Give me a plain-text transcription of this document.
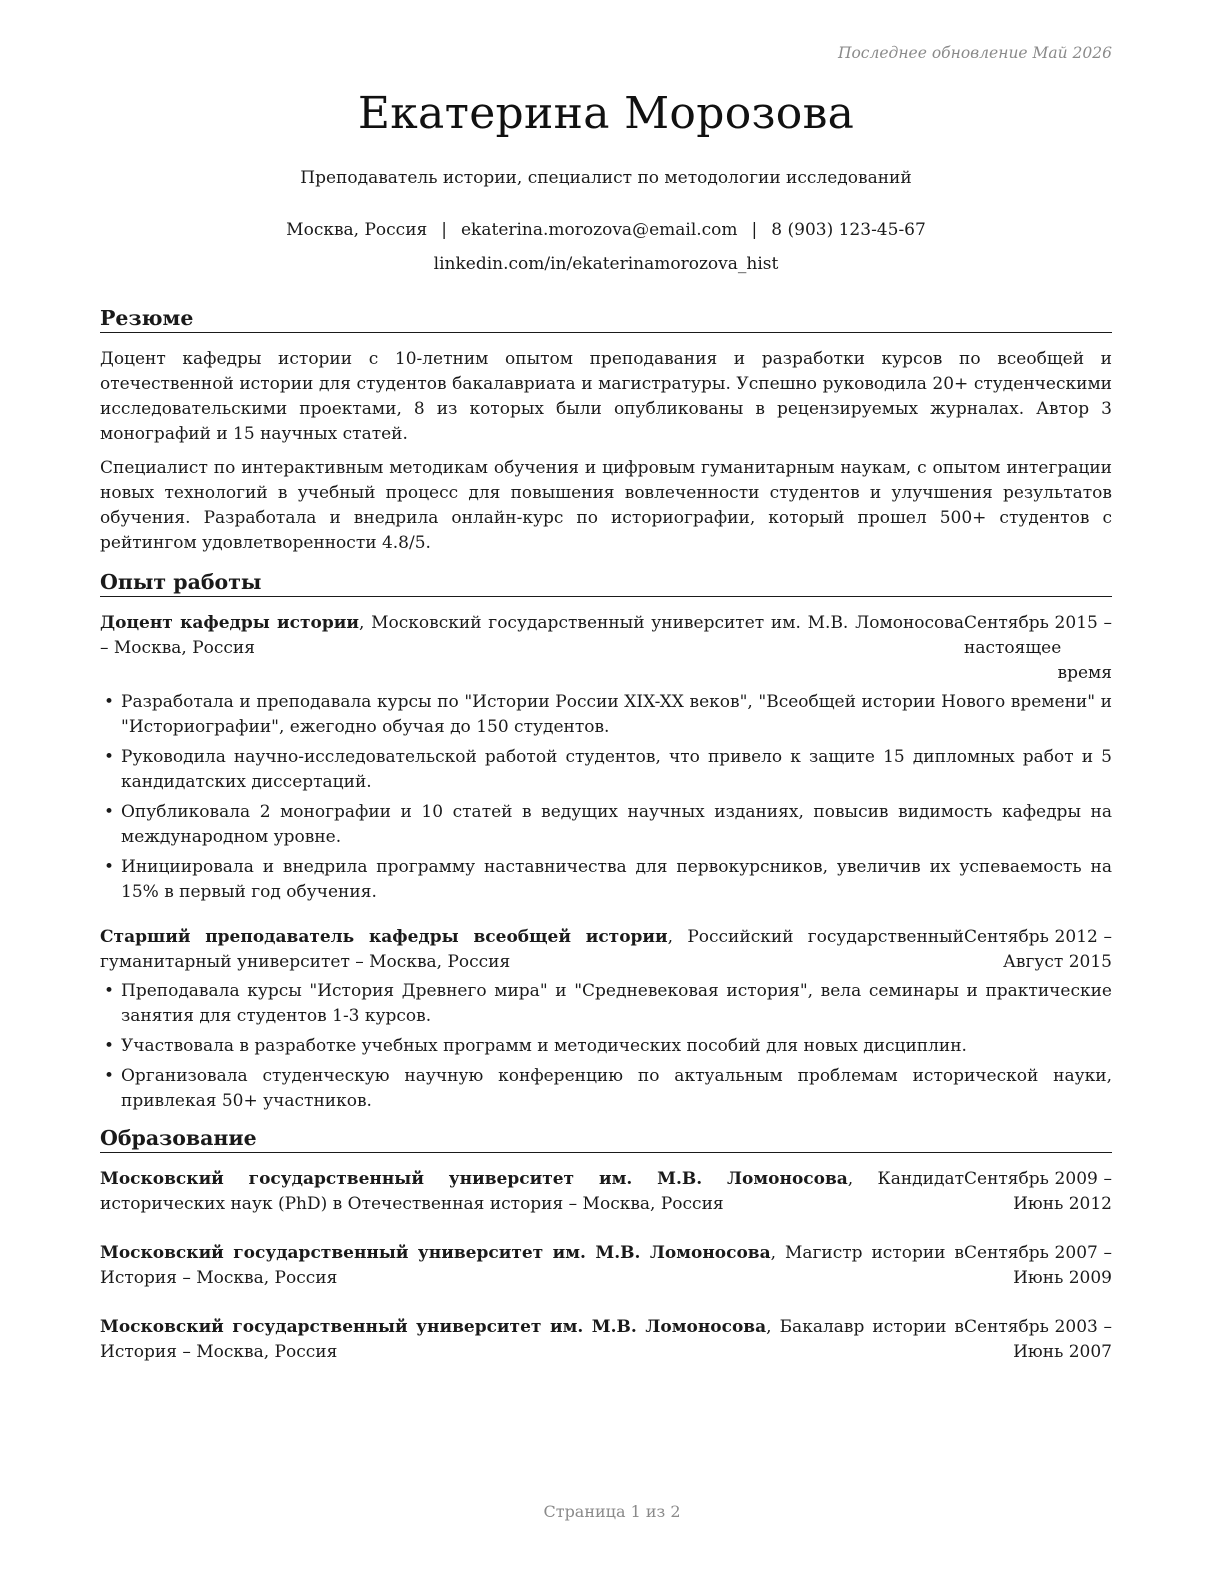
Последнее обновление Май 2026
Екатерина Морозова
Преподаватель истории, специалист по методологии исследований
Москва, Россия | ekaterina.morozova@email.com | 8 (903) 123-45-67
linkedin.com/in/ekaterinamorozova_hist
Резюме

Доцент кафедры истории с 10-летним опытом преподавания и разработки курсов по всеобщей и отечественной истории для студентов бакалавриата и магистратуры. Успешно руководила 20+ студенческими исследовательскими проектами, 8 из которых были опубликованы в рецензируемых журналах. Автор 3 монографий и 15 научных статей.

Специалист по интерактивным методикам обучения и цифровым гуманитарным наукам, с опытом интеграции новых технологий в учебный процесс для повышения вовлеченности студентов и улучшения результатов обучения. Разработала и внедрила онлайн-курс по историографии, который прошел 500+ студентов с рейтингом удовлетворенности 4.8/5.

Опыт работы
Доцент кафедры истории, Московский государственный университет им. М.В. Ломоносова – Москва, Россия
Сентябрь 2015 – настоящее время
• Разработала и преподавала курсы по "Истории России XIX-XX веков", "Всеобщей истории Нового времени" и "Историографии", ежегодно обучая до 150 студентов.
• Руководила научно-исследовательской работой студентов, что привело к защите 15 дипломных работ и 5 кандидатских диссертаций.
• Опубликовала 2 монографии и 10 статей в ведущих научных изданиях, повысив видимость кафедры на международном уровне.
• Инициировала и внедрила программу наставничества для первокурсников, увеличив их успеваемость на 15% в первый год обучения.
Старший преподаватель кафедры всеобщей истории, Российский государственный гуманитарный университет – Москва, Россия
Сентябрь 2012 – Август 2015
• Преподавала курсы "История Древнего мира" и "Средневековая история", вела семинары и практические занятия для студентов 1-3 курсов.
• Участвовала в разработке учебных программ и методических пособий для новых дисциплин.
• Организовала студенческую научную конференцию по актуальным проблемам исторической науки, привлекая 50+ участников.
Образование
Московский государственный университет им. М.В. Ломоносова, Кандидат исторических наук (PhD) в Отечественная история – Москва, Россия
Сентябрь 2009 – Июнь 2012
Московский государственный университет им. М.В. Ломоносова, Магистр истории в История – Москва, Россия
Сентябрь 2007 – Июнь 2009
Московский государственный университет им. М.В. Ломоносова, Бакалавр истории в История – Москва, Россия
Сентябрь 2003 – Июнь 2007
Страница 1 из 2
